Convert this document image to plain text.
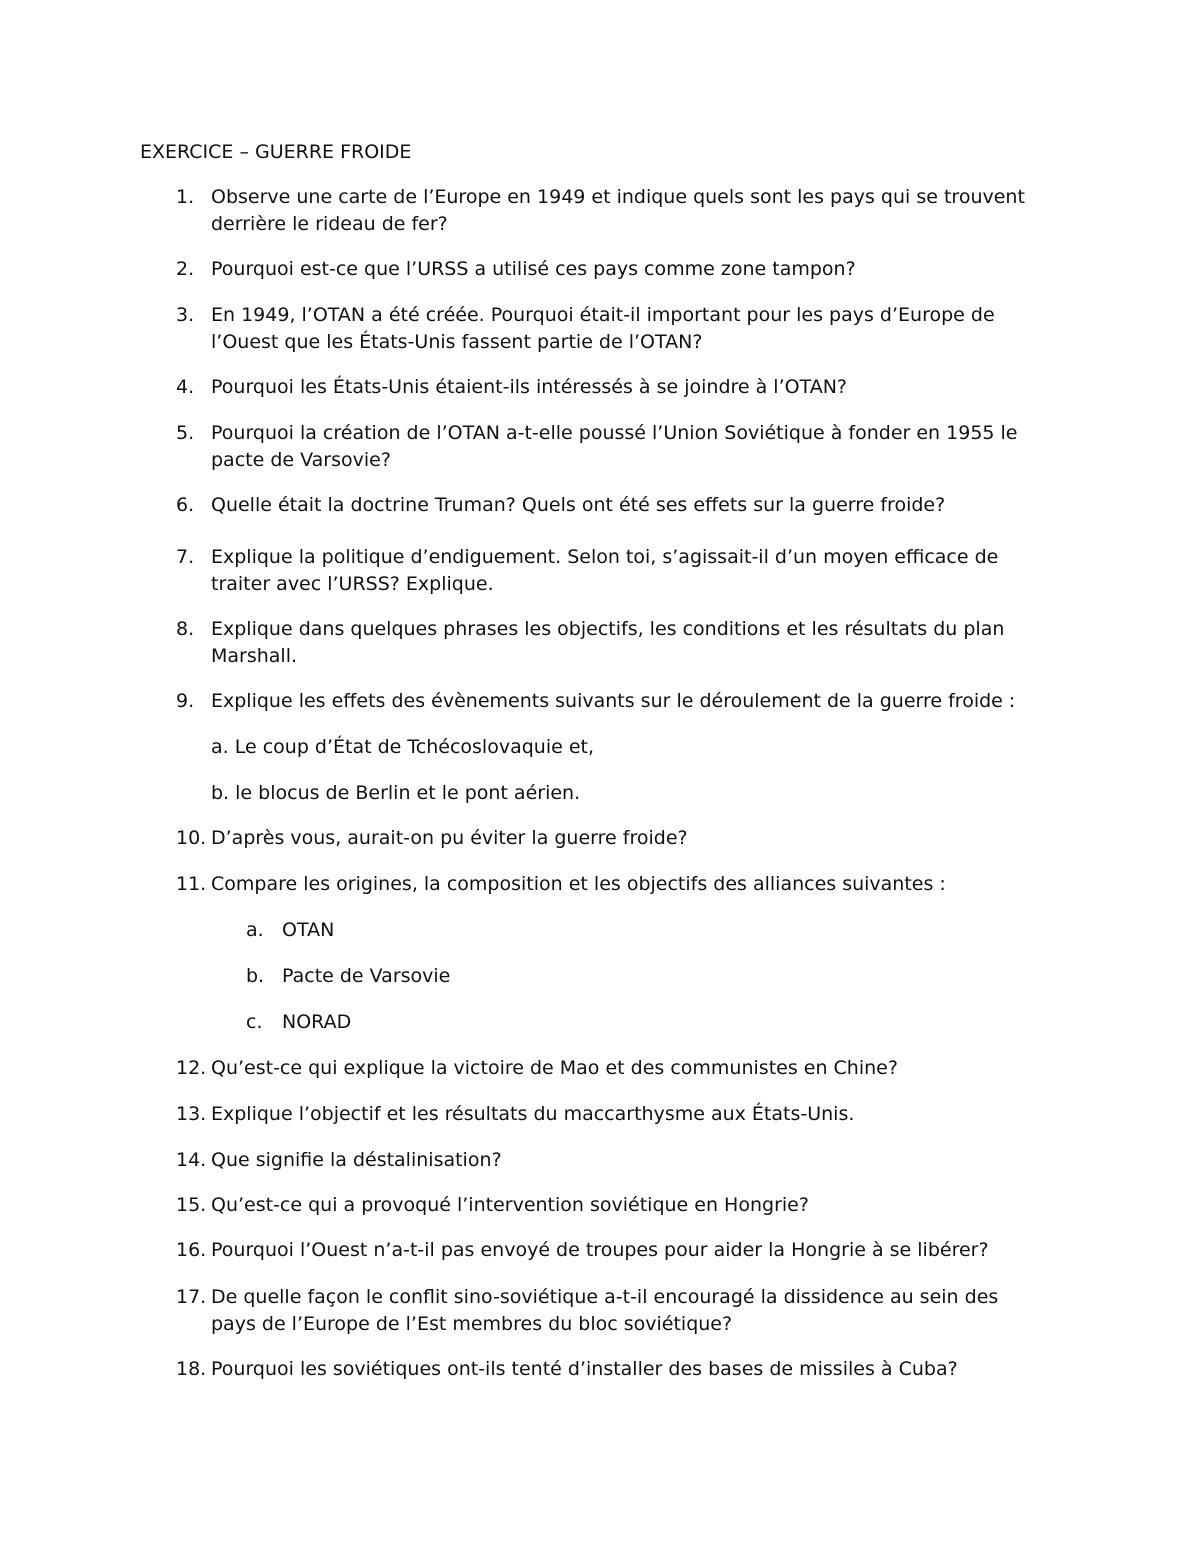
EXERCICE – GUERRE FROIDE
1. Observe une carte de l’Europe en 1949 et indique quels sont les pays qui se trouvent
derrière le rideau de fer?
2. Pourquoi est-ce que l’URSS a utilisé ces pays comme zone tampon?
3. En 1949, l’OTAN a été créée. Pourquoi était-il important pour les pays d’Europe de
l’Ouest que les États-Unis fassent partie de l’OTAN?
4. Pourquoi les États-Unis étaient-ils intéressés à se joindre à l’OTAN?
5. Pourquoi la création de l’OTAN a-t-elle poussé l’Union Soviétique à fonder en 1955 le
pacte de Varsovie?
6. Quelle était la doctrine Truman? Quels ont été ses effets sur la guerre froide?
7. Explique la politique d’endiguement. Selon toi, s’agissait-il d’un moyen efficace de
traiter avec l’URSS? Explique.
8. Explique dans quelques phrases les objectifs, les conditions et les résultats du plan
Marshall.
9. Explique les effets des évènements suivants sur le déroulement de la guerre froide :
a. Le coup d’État de Tchécoslovaquie et,
b. le blocus de Berlin et le pont aérien.
10. D’après vous, aurait-on pu éviter la guerre froide?
11. Compare les origines, la composition et les objectifs des alliances suivantes :
a. OTAN
b. Pacte de Varsovie
c. NORAD
12. Qu’est-ce qui explique la victoire de Mao et des communistes en Chine?
13. Explique l’objectif et les résultats du maccarthysme aux États-Unis.
14. Que signifie la déstalinisation?
15. Qu’est-ce qui a provoqué l’intervention soviétique en Hongrie?
16. Pourquoi l’Ouest n’a-t-il pas envoyé de troupes pour aider la Hongrie à se libérer?
17. De quelle façon le conflit sino-soviétique a-t-il encouragé la dissidence au sein des
pays de l’Europe de l’Est membres du bloc soviétique?
18. Pourquoi les soviétiques ont-ils tenté d’installer des bases de missiles à Cuba?
